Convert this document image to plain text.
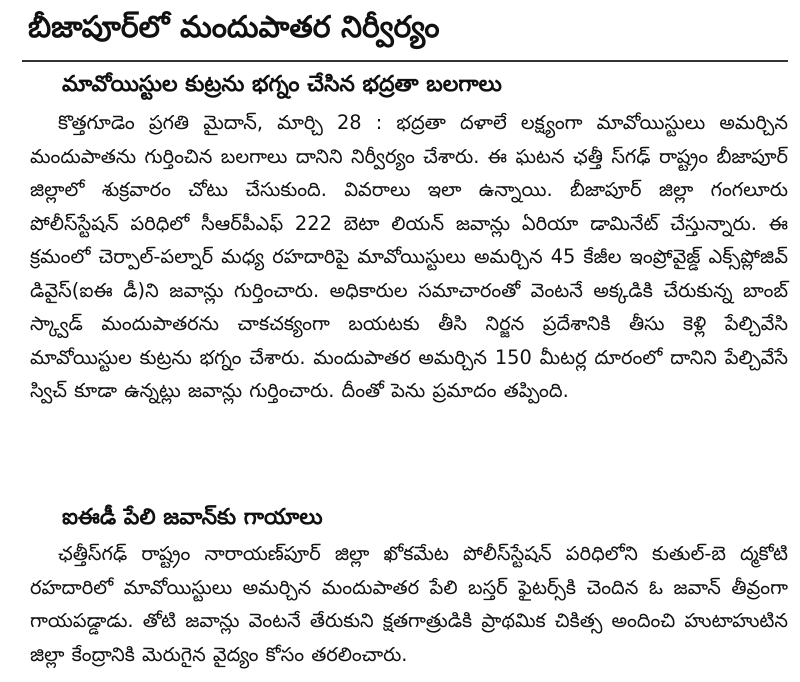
బీజాపూర్‌లో మందుపాతర నిర్వీర్యం
మావోయిస్టుల కుట్రను భగ్నం చేసిన భద్రతా బలగాలు
కొత్తగూడెం ప్రగతి మైదాన్, మార్చి 28 : భద్రతా దళాలే లక్ష్యంగా మావోయిస్టులు అమర్చిన మందుపాతను గుర్తించిన బలగాలు దానిని నిర్వీర్యం చేశారు. ఈ ఘటన ఛత్తీ స్‌గఢ్ రాష్ట్రం బీజాపూర్ జిల్లాలో శుక్రవారం చోటు చేసుకుంది. వివరాలు ఇలా ఉన్నాయి. బీజాపూర్ జిల్లా గంగలూరు పోలీస్‌స్టేషన్ పరిధిలో సీఆర్‌పీఎఫ్ 222 బెటా లియన్ జవాన్లు ఏరియా డామినేట్ చేస్తున్నారు. ఈ క్రమంలో చెర్పాల్-పల్నార్ మధ్య రహదారిపై మావోయిస్టులు అమర్చిన 45 కేజీల ఇంప్రోవైజ్డ్ ఎక్స్‌ప్లోజివ్ డివైస్(ఐఈ డీ)ని జవాన్లు గుర్తించారు. అధికారుల సమాచారంతో వెంటనే అక్కడికి చేరుకున్న బాంబ్ స్క్వాడ్ మందుపాతరను చాకచక్యంగా బయటకు తీసి నిర్జన ప్రదేశానికి తీసు కెళ్లి పేల్చివేసి మావోయిస్టుల కుట్రను భగ్నం చేశారు. మందుపాతర అమర్చిన 150 మీటర్ల దూరంలో దానిని పేల్చివేసే స్విచ్ కూడా ఉన్నట్లు జవాన్లు గుర్తించారు. దీంతో పెను ప్రమాదం తప్పింది.
ఐఈడీ పేలి జవాన్‌కు గాయాలు
ఛత్తీస్‌గఢ్ రాష్ట్రం నారాయణ్‌పూర్ జిల్లా ఖోకమేట పోలీస్‌స్టేషన్ పరిధిలోని కుతుల్-బె ద్మకోటి రహదారిలో మావోయిస్టులు అమర్చిన మందుపాతర పేలి బస్తర్ ఫైటర్స్‌కి చెందిన ఓ జవాన్ తీవ్రంగా గాయపడ్డాడు. తోటి జవాన్లు వెంటనే తేరుకుని క్షతగాత్రుడికి ప్రాథమిక చికిత్స అందించి హుటాహుటిన జిల్లా కేంద్రానికి మెరుగైన వైద్యం కోసం తరలించారు.
